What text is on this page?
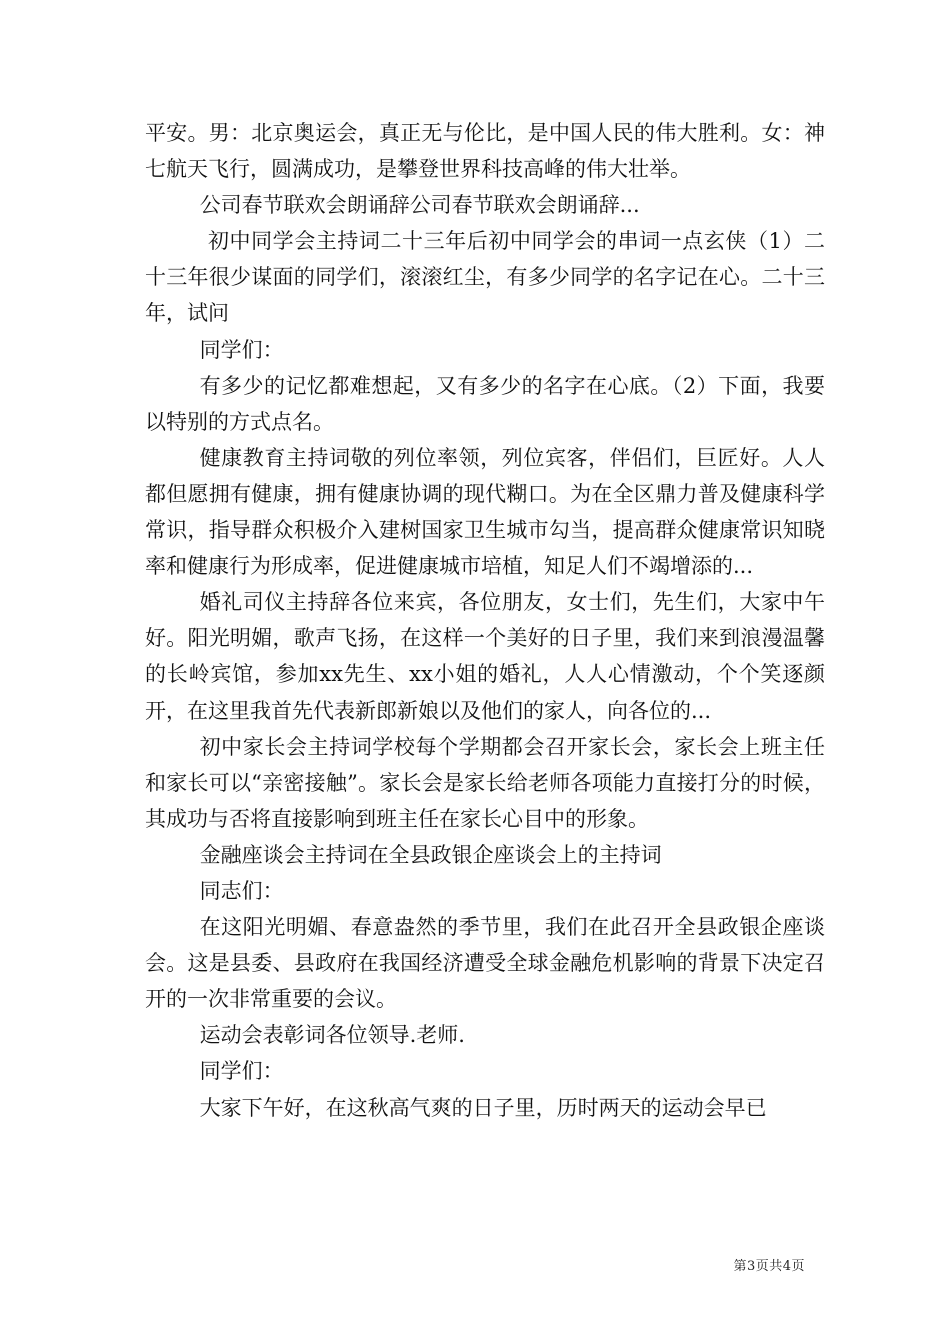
平安。男：北京奥运会，真正无与伦比，是中国人民的伟大胜利。女：神七航天飞行，圆满成功，是攀登世界科技高峰的伟大壮举。

公司春节联欢会朗诵辞公司春节联欢会朗诵辞...

初中同学会主持词二十三年后初中同学会的串词一点玄侠（1）二十三年很少谋面的同学们，滚滚红尘，有多少同学的名字记在心。二十三年，试问

同学们：

有多少的记忆都难想起，又有多少的名字在心底。（2）下面，我要以特别的方式点名。

健康教育主持词敬的列位率领，列位宾客，伴侣们，巨匠好。人人都但愿拥有健康，拥有健康协调的现代糊口。为在全区鼎力普及健康科学常识，指导群众积极介入建树国家卫生城市勾当，提高群众健康常识知晓率和健康行为形成率，促进健康城市培植，知足人们不竭增添的...

婚礼司仪主持辞各位来宾，各位朋友，女士们，先生们，大家中午好。阳光明媚，歌声飞扬，在这样一个美好的日子里，我们来到浪漫温馨的长岭宾馆，参加xx先生、xx小姐的婚礼，人人心情激动，个个笑逐颜开，在这里我首先代表新郎新娘以及他们的家人，向各位的...

初中家长会主持词学校每个学期都会召开家长会，家长会上班主任和家长可以“亲密接触”。家长会是家长给老师各项能力直接打分的时候，其成功与否将直接影响到班主任在家长心目中的形象。

金融座谈会主持词在全县政银企座谈会上的主持词

同志们：

在这阳光明媚、春意盎然的季节里，我们在此召开全县政银企座谈会。这是县委、县政府在我国经济遭受全球金融危机影响的背景下决定召开的一次非常重要的会议。

运动会表彰词各位领导.老师.

同学们：

大家下午好，在这秋高气爽的日子里，历时两天的运动会早已

第3页共4页
